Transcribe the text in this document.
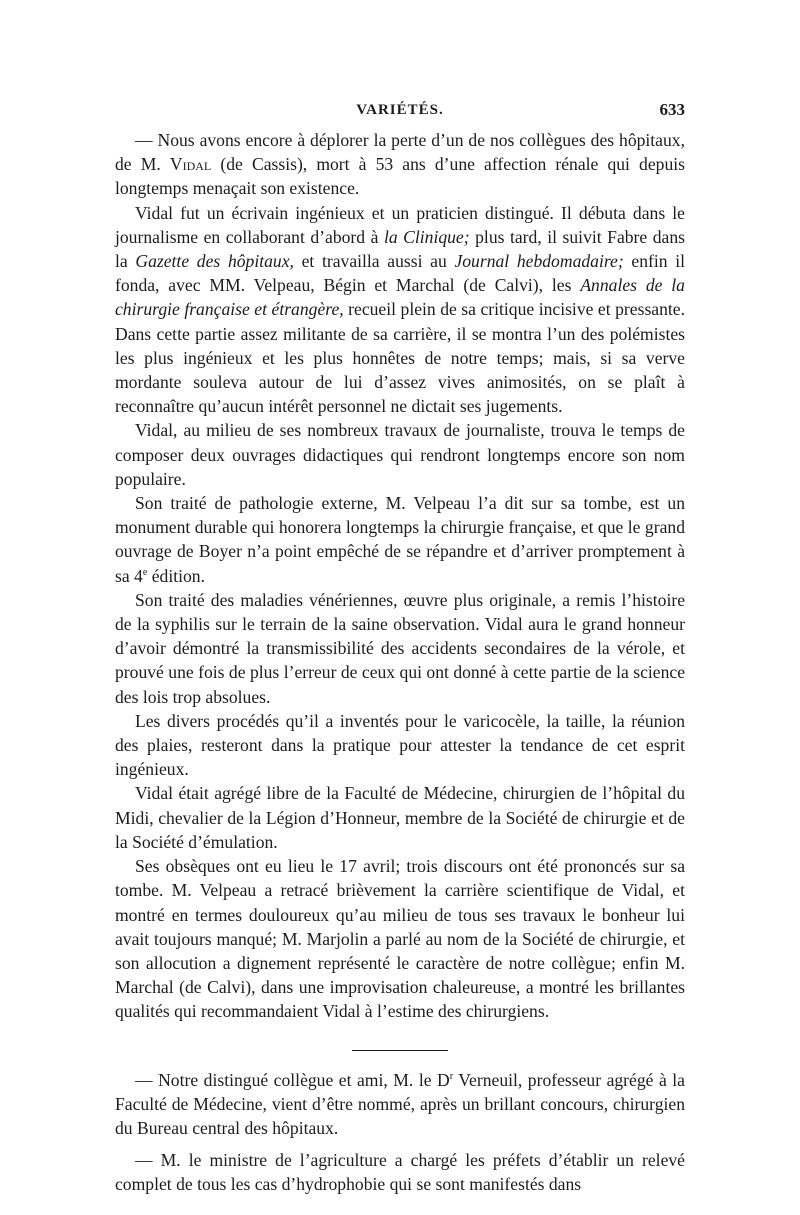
VARIÉTÉS.	633

— Nous avons encore à déplorer la perte d’un de nos collègues des hôpitaux, de M. Vidal (de Cassis), mort à 53 ans d’une affection rénale qui depuis longtemps menaçait son existence.

Vidal fut un écrivain ingénieux et un praticien distingué. Il débuta dans le journalisme en collaborant d’abord à la Clinique; plus tard, il suivit Fabre dans la Gazette des hôpitaux, et travailla aussi au Journal hebdomadaire; enfin il fonda, avec MM. Velpeau, Bégin et Marchal (de Calvi), les Annales de la chirurgie française et étrangère, recueil plein de sa critique incisive et pressante. Dans cette partie assez militante de sa carrière, il se montra l’un des polémistes les plus ingénieux et les plus honnêtes de notre temps; mais, si sa verve mordante souleva autour de lui d’assez vives animosités, on se plaît à reconnaître qu’aucun intérêt personnel ne dictait ses jugements.

Vidal, au milieu de ses nombreux travaux de journaliste, trouva le temps de composer deux ouvrages didactiques qui rendront longtemps encore son nom populaire.

Son traité de pathologie externe, M. Velpeau l’a dit sur sa tombe, est un monument durable qui honorera longtemps la chirurgie française, et que le grand ouvrage de Boyer n’a point empêché de se répandre et d’arriver promptement à sa 4e édition.

Son traité des maladies vénériennes, œuvre plus originale, a remis l’histoire de la syphilis sur le terrain de la saine observation. Vidal aura le grand honneur d’avoir démontré la transmissibilité des accidents secondaires de la vérole, et prouvé une fois de plus l’erreur de ceux qui ont donné à cette partie de la science des lois trop absolues.

Les divers procédés qu’il a inventés pour le varicocèle, la taille, la réunion des plaies, resteront dans la pratique pour attester la tendance de cet esprit ingénieux.

Vidal était agrégé libre de la Faculté de Médecine, chirurgien de l’hôpital du Midi, chevalier de la Légion d’Honneur, membre de la Société de chirurgie et de la Société d’émulation.

Ses obsèques ont eu lieu le 17 avril; trois discours ont été prononcés sur sa tombe. M. Velpeau a retracé brièvement la carrière scientifique de Vidal, et montré en termes douloureux qu’au milieu de tous ses travaux le bonheur lui avait toujours manqué; M. Marjolin a parlé au nom de la Société de chirurgie, et son allocution a dignement représenté le caractère de notre collègue; enfin M. Marchal (de Calvi), dans une improvisation chaleureuse, a montré les brillantes qualités qui recommandaient Vidal à l’estime des chirurgiens.

— Notre distingué collègue et ami, M. le $D^r$ Verneuil, professeur agrégé à la Faculté de Médecine, vient d’être nommé, après un brillant concours, chirurgien du Bureau central des hôpitaux.

— M. le ministre de l’agriculture a chargé les préfets d’établir un relevé complet de tous les cas d’hydrophobie qui se sont manifestés dans
